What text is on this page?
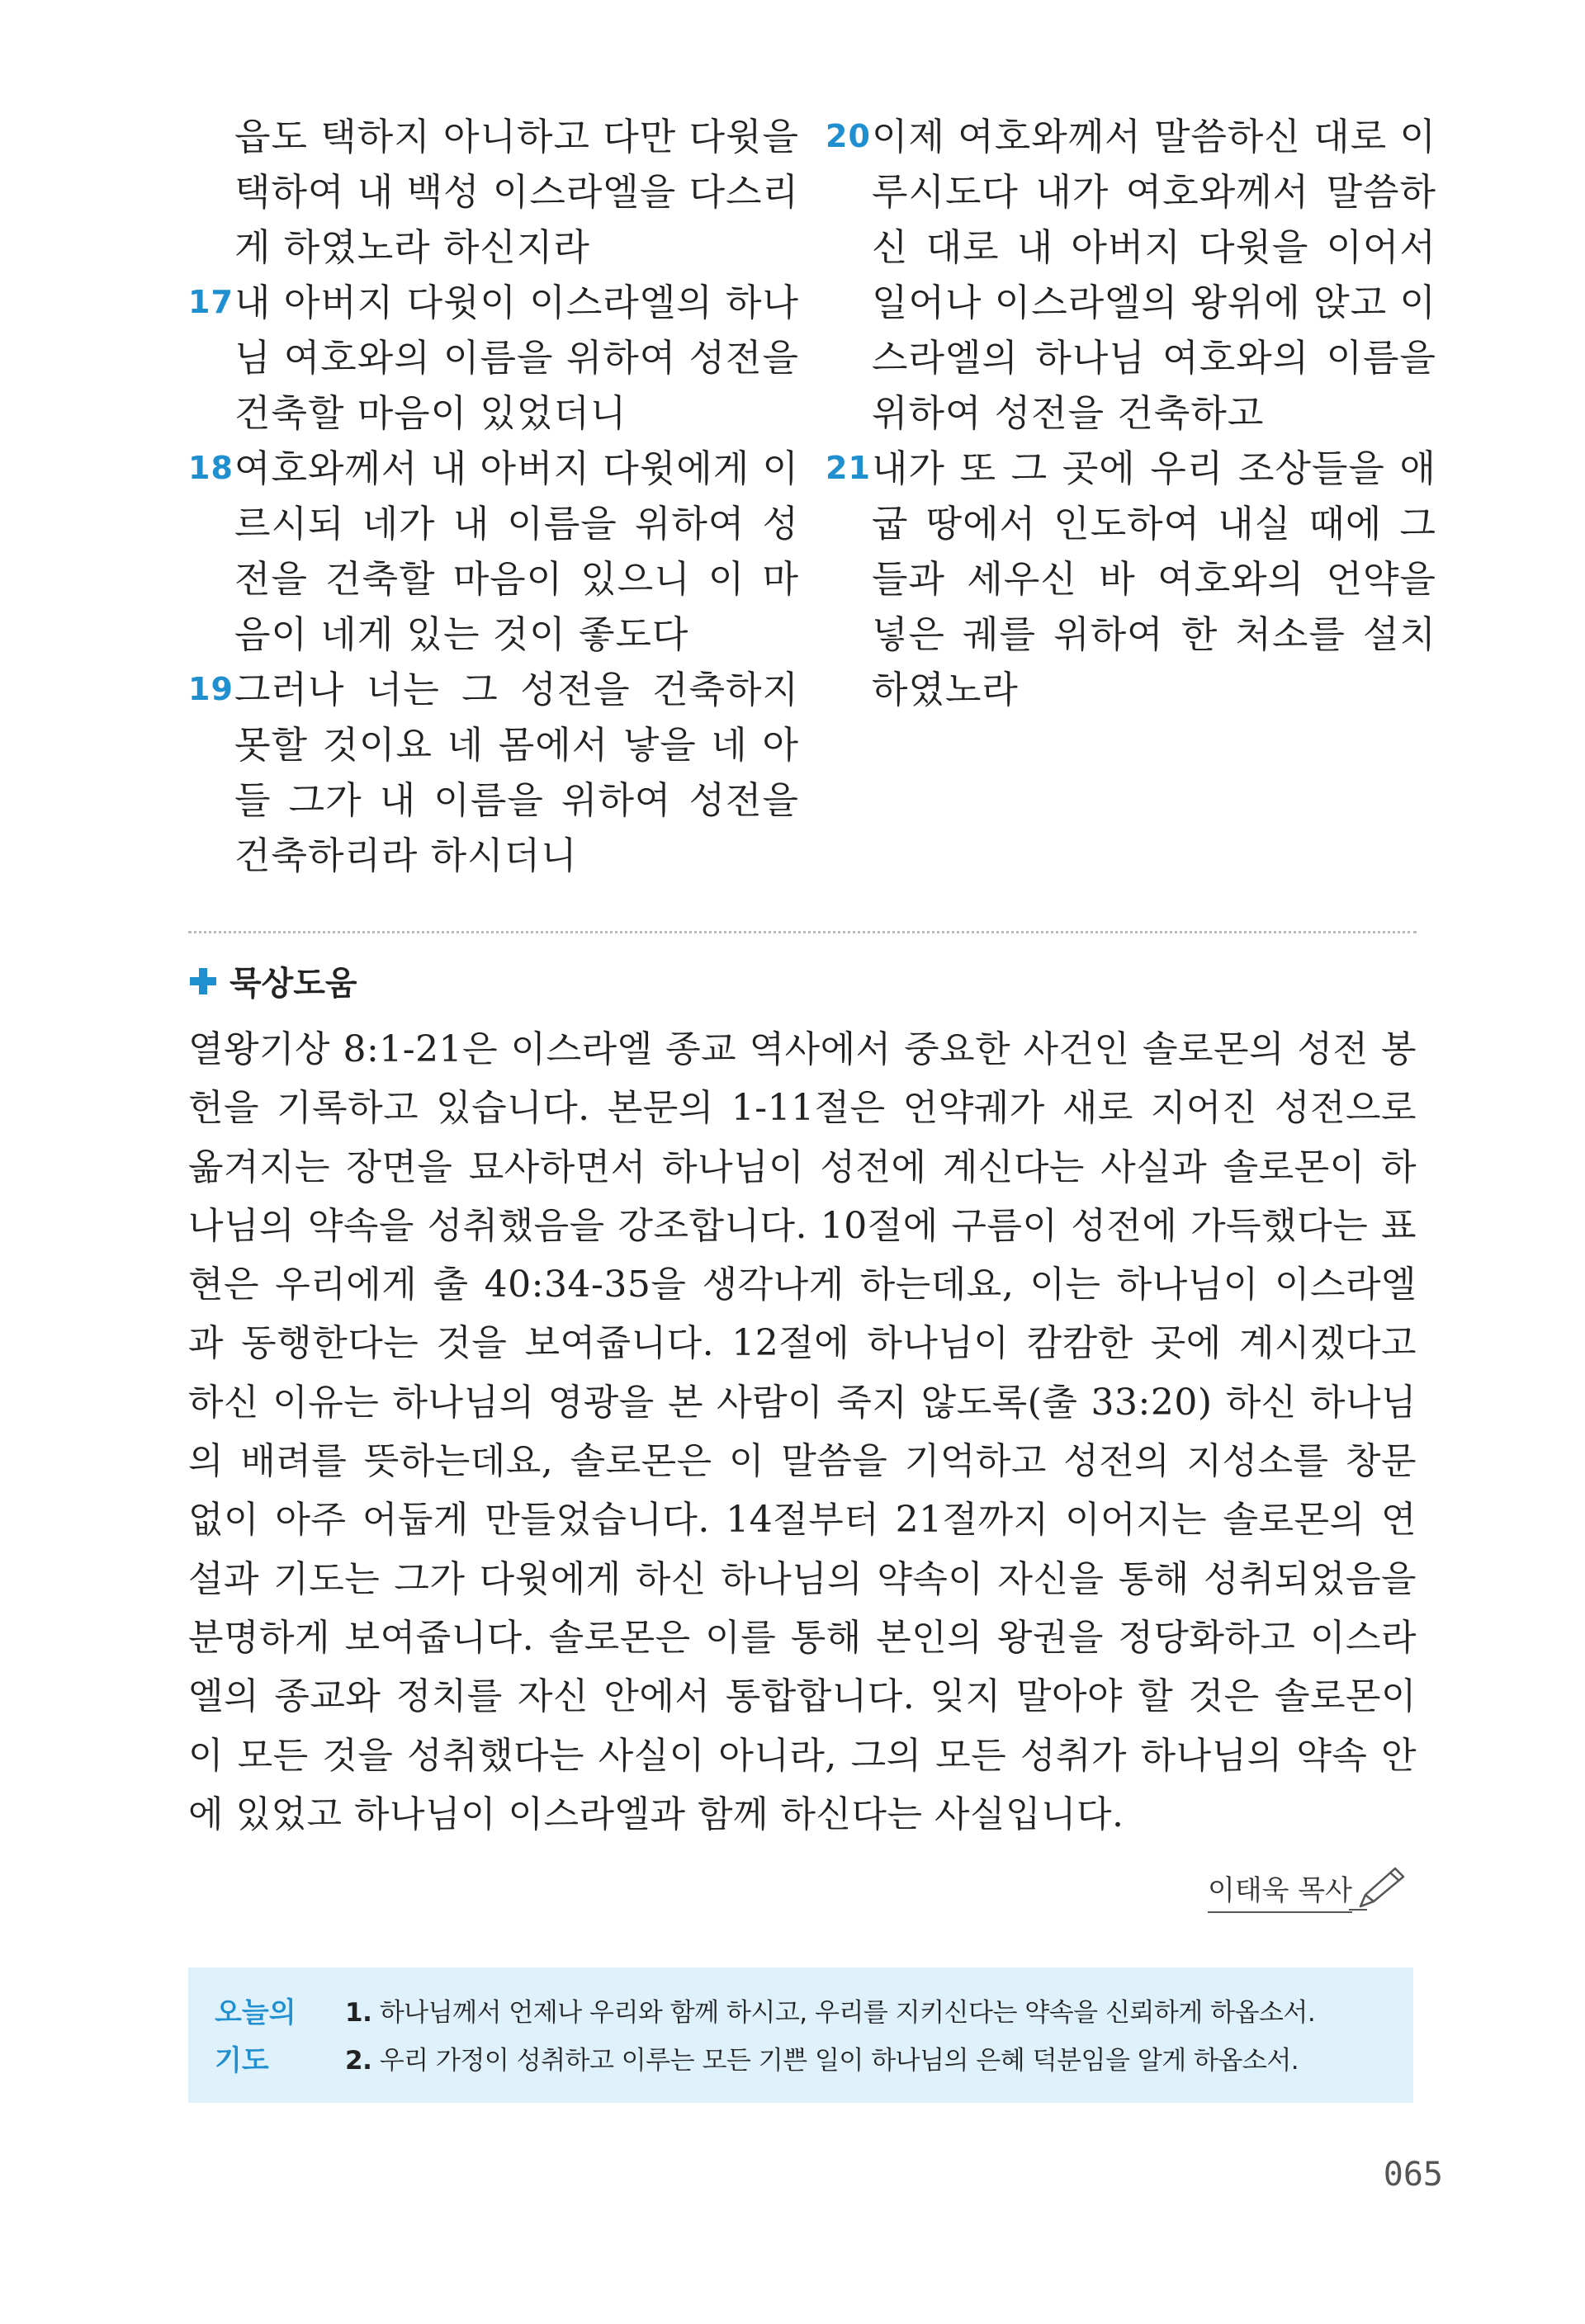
읍도 택하지 아니하고 다만 다윗을 택하여 내 백성 이스라엘을 다스리게 하였노라 하신지라
17 내 아버지 다윗이 이스라엘의 하나님 여호와의 이름을 위하여 성전을 건축할 마음이 있었더니
18 여호와께서 내 아버지 다윗에게 이르시되 네가 내 이름을 위하여 성전을 건축할 마음이 있으니 이 마음이 네게 있는 것이 좋도다
19 그러나 너는 그 성전을 건축하지 못할 것이요 네 몸에서 낳을 네 아들 그가 내 이름을 위하여 성전을 건축하리라 하시더니
20 이제 여호와께서 말씀하신 대로 이루시도다 내가 여호와께서 말씀하신 대로 내 아버지 다윗을 이어서 일어나 이스라엘의 왕위에 앉고 이스라엘의 하나님 여호와의 이름을 위하여 성전을 건축하고
21 내가 또 그 곳에 우리 조상들을 애굽 땅에서 인도하여 내실 때에 그들과 세우신 바 여호와의 언약을 넣은 궤를 위하여 한 처소를 설치하였노라
묵상도움
열왕기상 8:1-21은 이스라엘 종교 역사에서 중요한 사건인 솔로몬의 성전 봉헌을 기록하고 있습니다. 본문의 1-11절은 언약궤가 새로 지어진 성전으로 옮겨지는 장면을 묘사하면서 하나님이 성전에 계신다는 사실과 솔로몬이 하나님의 약속을 성취했음을 강조합니다. 10절에 구름이 성전에 가득했다는 표현은 우리에게 출 40:34-35을 생각나게 하는데요, 이는 하나님이 이스라엘과 동행한다는 것을 보여줍니다. 12절에 하나님이 캄캄한 곳에 계시겠다고 하신 이유는 하나님의 영광을 본 사람이 죽지 않도록(출 33:20) 하신 하나님의 배려를 뜻하는데요, 솔로몬은 이 말씀을 기억하고 성전의 지성소를 창문 없이 아주 어둡게 만들었습니다. 14절부터 21절까지 이어지는 솔로몬의 연설과 기도는 그가 다윗에게 하신 하나님의 약속이 자신을 통해 성취되었음을 분명하게 보여줍니다. 솔로몬은 이를 통해 본인의 왕권을 정당화하고 이스라엘의 종교와 정치를 자신 안에서 통합합니다. 잊지 말아야 할 것은 솔로몬이 이 모든 것을 성취했다는 사실이 아니라, 그의 모든 성취가 하나님의 약속 안에 있었고 하나님이 이스라엘과 함께 하신다는 사실입니다.
이태욱 목사
오늘의
기도
1. 하나님께서 언제나 우리와 함께 하시고, 우리를 지키신다는 약속을 신뢰하게 하옵소서.
2. 우리 가정이 성취하고 이루는 모든 기쁜 일이 하나님의 은혜 덕분임을 알게 하옵소서.
065
